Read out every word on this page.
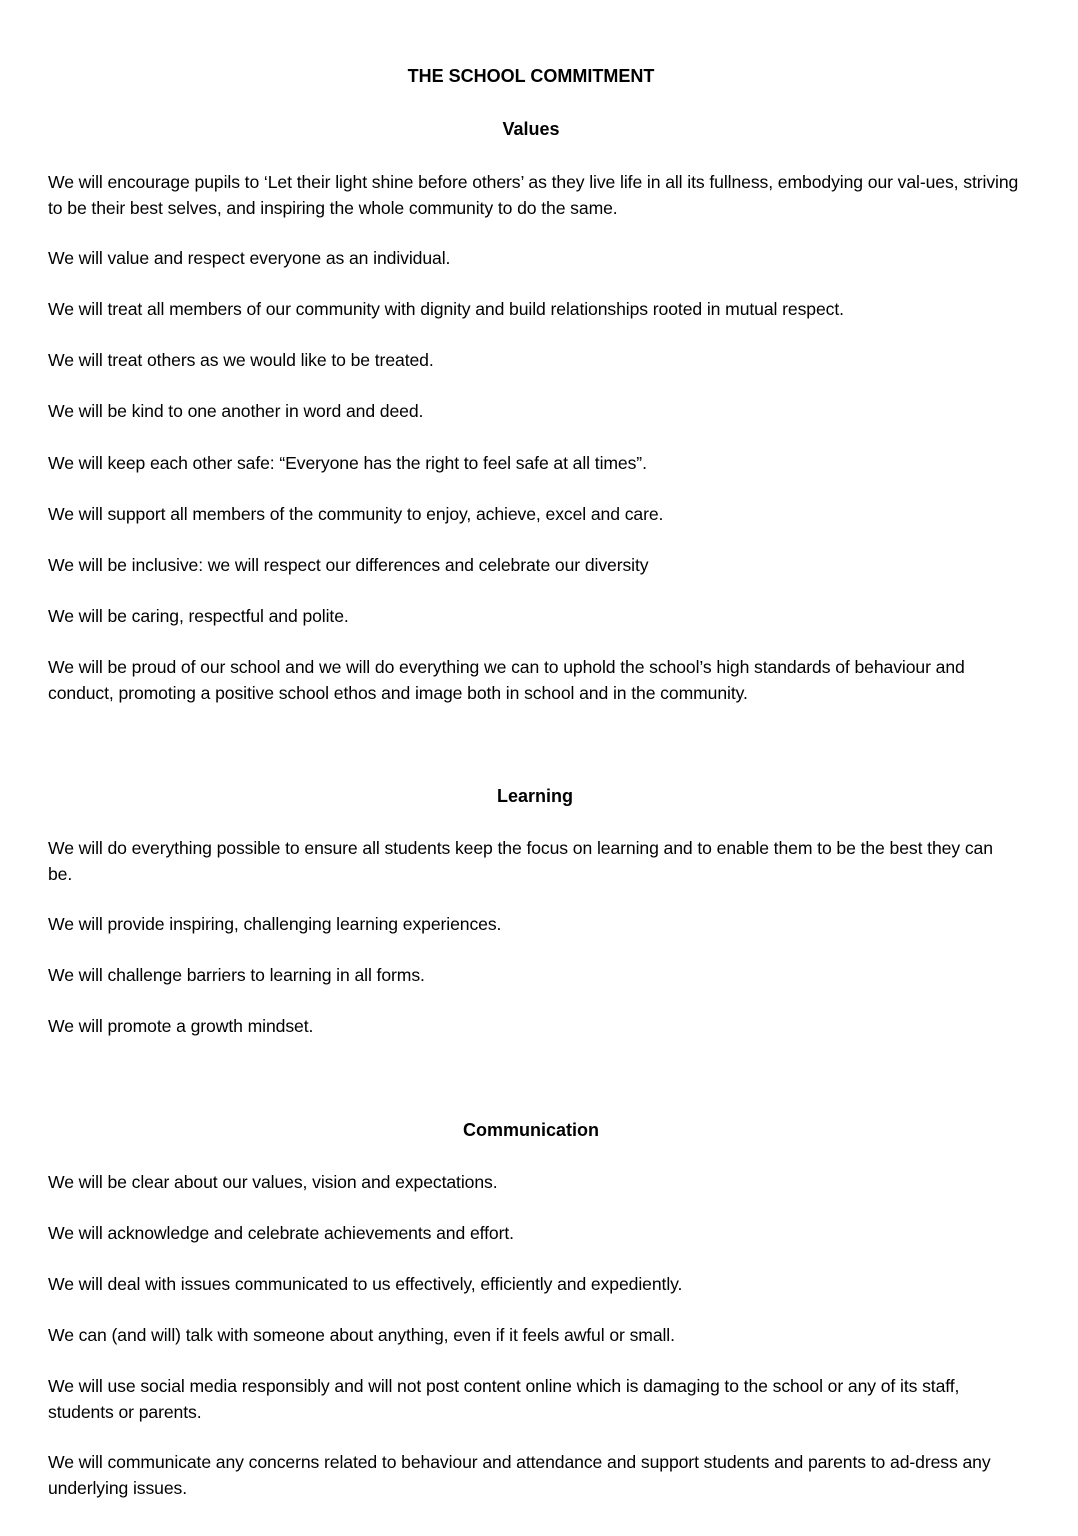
THE SCHOOL COMMITMENT
Values

We will encourage pupils to ‘Let their light shine before others’ as they live life in all its fullness, embodying our val-ues, striving to be their best selves, and inspiring the whole community to do the same.

We will value and respect everyone as an individual.

We will treat all members of our community with dignity and build relationships rooted in mutual respect.

We will treat others as we would like to be treated.

We will be kind to one another in word and deed.

We will keep each other safe: “Everyone has the right to feel safe at all times”.

We will support all members of the community to enjoy, achieve, excel and care.

We will be inclusive: we will respect our differences and celebrate our diversity

We will be caring, respectful and polite.

We will be proud of our school and we will do everything we can to uphold the school’s high standards of behaviour and conduct, promoting a positive school ethos and image both in school and in the community.

Learning

We will do everything possible to ensure all students keep the focus on learning and to enable them to be the best they can be.

We will provide inspiring, challenging learning experiences.

We will challenge barriers to learning in all forms.

We will promote a growth mindset.

Communication

We will be clear about our values, vision and expectations.

We will acknowledge and celebrate achievements and effort.

We will deal with issues communicated to us effectively, efficiently and expediently.

We can (and will) talk with someone about anything, even if it feels awful or small.

We will use social media responsibly and will not post content online which is damaging to the school or any of its staff, students or parents.

We will communicate any concerns related to behaviour and attendance and support students and parents to ad-dress any underlying issues.
